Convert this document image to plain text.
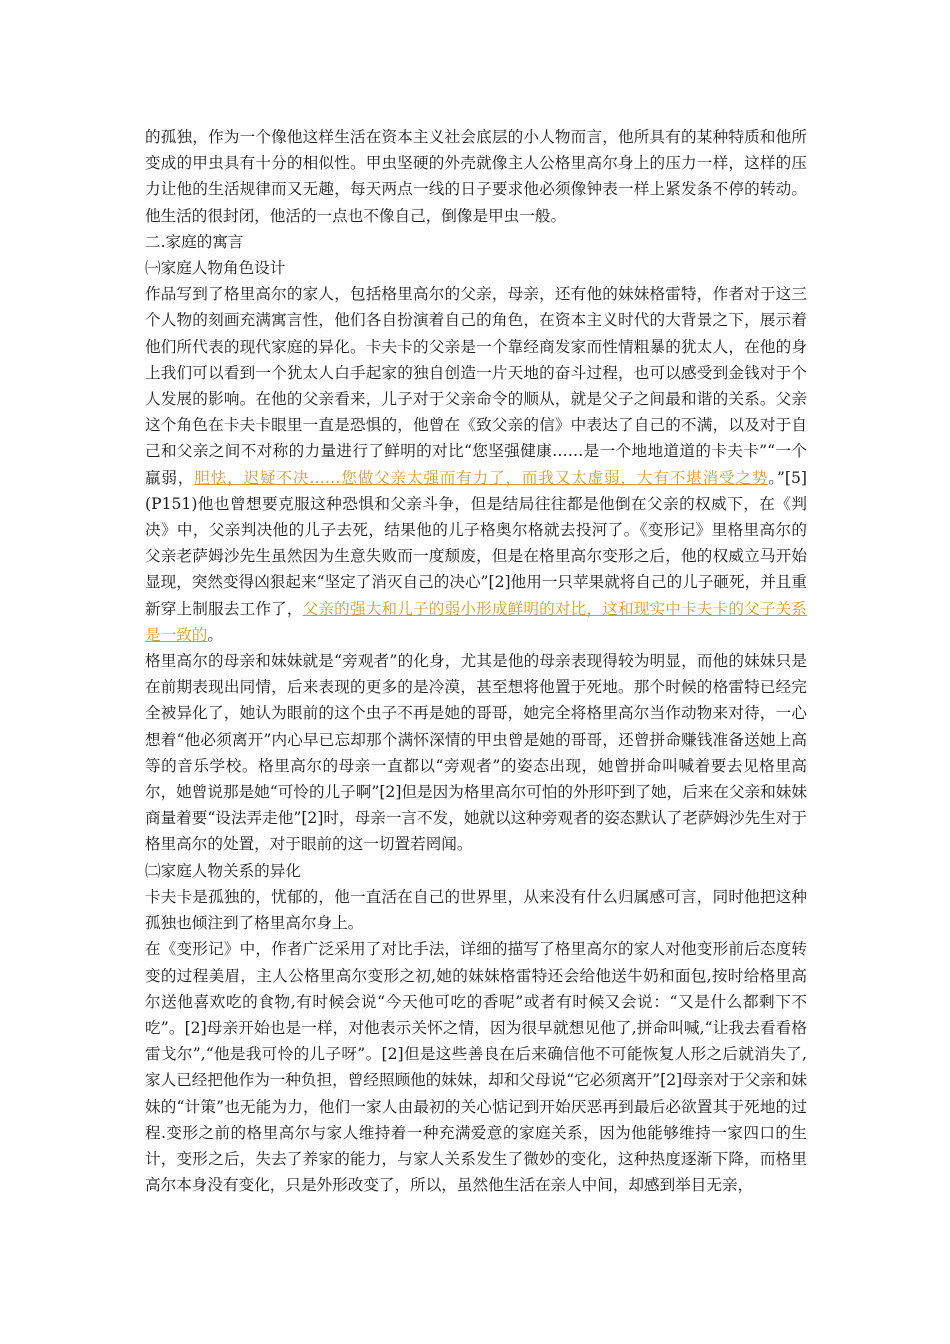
的孤独，作为一个像他这样生活在资本主义社会底层的小人物而言，他所具有的某种特质和他所变成的甲虫具有十分的相似性。甲虫坚硬的外壳就像主人公格里高尔身上的压力一样，这样的压力让他的生活规律而又无趣，每天两点一线的日子要求他必须像钟表一样上紧发条不停的转动。他生活的很封闭，他活的一点也不像自己，倒像是甲虫一般。

二.家庭的寓言

㈠家庭人物角色设计

作品写到了格里高尔的家人，包括格里高尔的父亲，母亲，还有他的妹妹格雷特，作者对于这三个人物的刻画充满寓言性，他们各自扮演着自己的角色，在资本主义时代的大背景之下，展示着他们所代表的现代家庭的异化。卡夫卡的父亲是一个靠经商发家而性情粗暴的犹太人，在他的身上我们可以看到一个犹太人白手起家的独自创造一片天地的奋斗过程，也可以感受到金钱对于个人发展的影响。在他的父亲看来，儿子对于父亲命令的顺从，就是父子之间最和谐的关系。父亲这个角色在卡夫卡眼里一直是恐惧的，他曾在《致父亲的信》中表达了自己的不满，以及对于自己和父亲之间不对称的力量进行了鲜明的对比“您坚强健康……是一个地地道道的卡夫卡”“一个羸弱，胆怯，迟疑不决……您做父亲太强而有力了，而我又太虚弱，大有不堪消受之势。”[5](P151)他也曾想要克服这种恐惧和父亲斗争，但是结局往往都是他倒在父亲的权威下，在《判决》中，父亲判决他的儿子去死，结果他的儿子格奥尔格就去投河了。《变形记》里格里高尔的父亲老萨姆沙先生虽然因为生意失败而一度颓废，但是在格里高尔变形之后，他的权威立马开始显现，突然变得凶狠起来“坚定了消灭自己的决心”[2]他用一只苹果就将自己的儿子砸死，并且重新穿上制服去工作了，父亲的强大和儿子的弱小形成鲜明的对比，这和现实中卡夫卡的父子关系是一致的。

格里高尔的母亲和妹妹就是“旁观者”的化身，尤其是他的母亲表现得较为明显，而他的妹妹只是在前期表现出同情，后来表现的更多的是冷漠，甚至想将他置于死地。那个时候的格雷特已经完全被异化了，她认为眼前的这个虫子不再是她的哥哥，她完全将格里高尔当作动物来对待，一心想着“他必须离开”内心早已忘却那个满怀深情的甲虫曾是她的哥哥，还曾拼命赚钱准备送她上高等的音乐学校。格里高尔的母亲一直都以“旁观者”的姿态出现，她曾拼命叫喊着要去见格里高尔，她曾说那是她“可怜的儿子啊”[2]但是因为格里高尔可怕的外形吓到了她，后来在父亲和妹妹商量着要“设法弄走他”[2]时，母亲一言不发，她就以这种旁观者的姿态默认了老萨姆沙先生对于格里高尔的处置，对于眼前的这一切置若罔闻。

㈡家庭人物关系的异化

卡夫卡是孤独的，忧郁的，他一直活在自己的世界里，从来没有什么归属感可言，同时他把这种孤独也倾注到了格里高尔身上。

在《变形记》中，作者广泛采用了对比手法，详细的描写了格里高尔的家人对他变形前后态度转变的过程美眉，主人公格里高尔变形之初,她的妹妹格雷特还会给他送牛奶和面包,按时给格里高尔送他喜欢吃的食物,有时候会说“今天他可吃的香呢”或者有时候又会说：“又是什么都剩下不吃”。[2]母亲开始也是一样，对他表示关怀之情，因为很早就想见他了,拼命叫喊,“让我去看看格雷戈尔”,“他是我可怜的儿子呀”。[2]但是这些善良在后来确信他不可能恢复人形之后就消失了,家人已经把他作为一种负担，曾经照顾他的妹妹，却和父母说“它必须离开”[2]母亲对于父亲和妹妹的“计策”也无能为力，他们一家人由最初的关心惦记到开始厌恶再到最后必欲置其于死地的过程.变形之前的格里高尔与家人维持着一种充满爱意的家庭关系，因为他能够维持一家四口的生计，变形之后，失去了养家的能力，与家人关系发生了微妙的变化，这种热度逐渐下降，而格里高尔本身没有变化，只是外形改变了，所以，虽然他生活在亲人中间，却感到举目无亲，
